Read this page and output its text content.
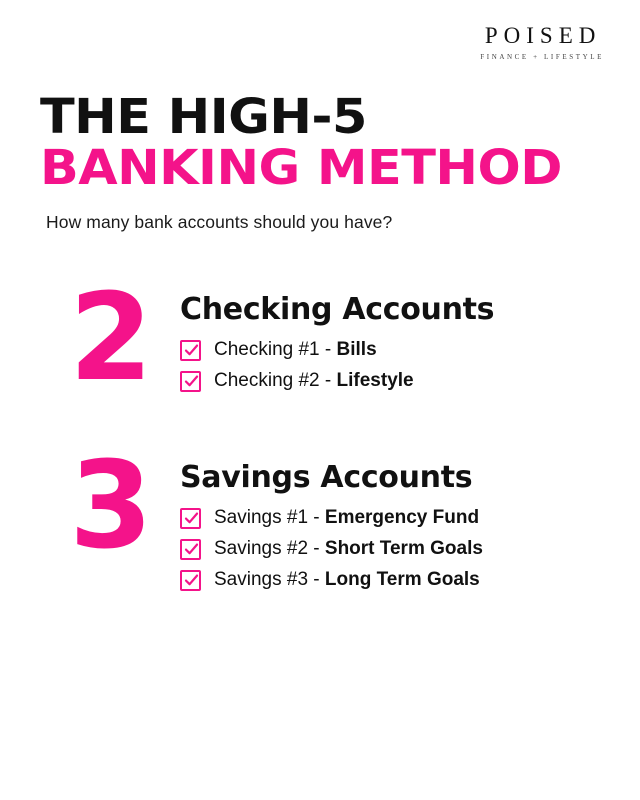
POISED
FINANCE + LIFESTYLE
THE HIGH-5
BANKING METHOD
How many bank accounts should you have?
2 Checking Accounts
Checking #1 - Bills
Checking #2 - Lifestyle
3 Savings Accounts
Savings #1 - Emergency Fund
Savings #2 - Short Term Goals
Savings #3 - Long Term Goals
